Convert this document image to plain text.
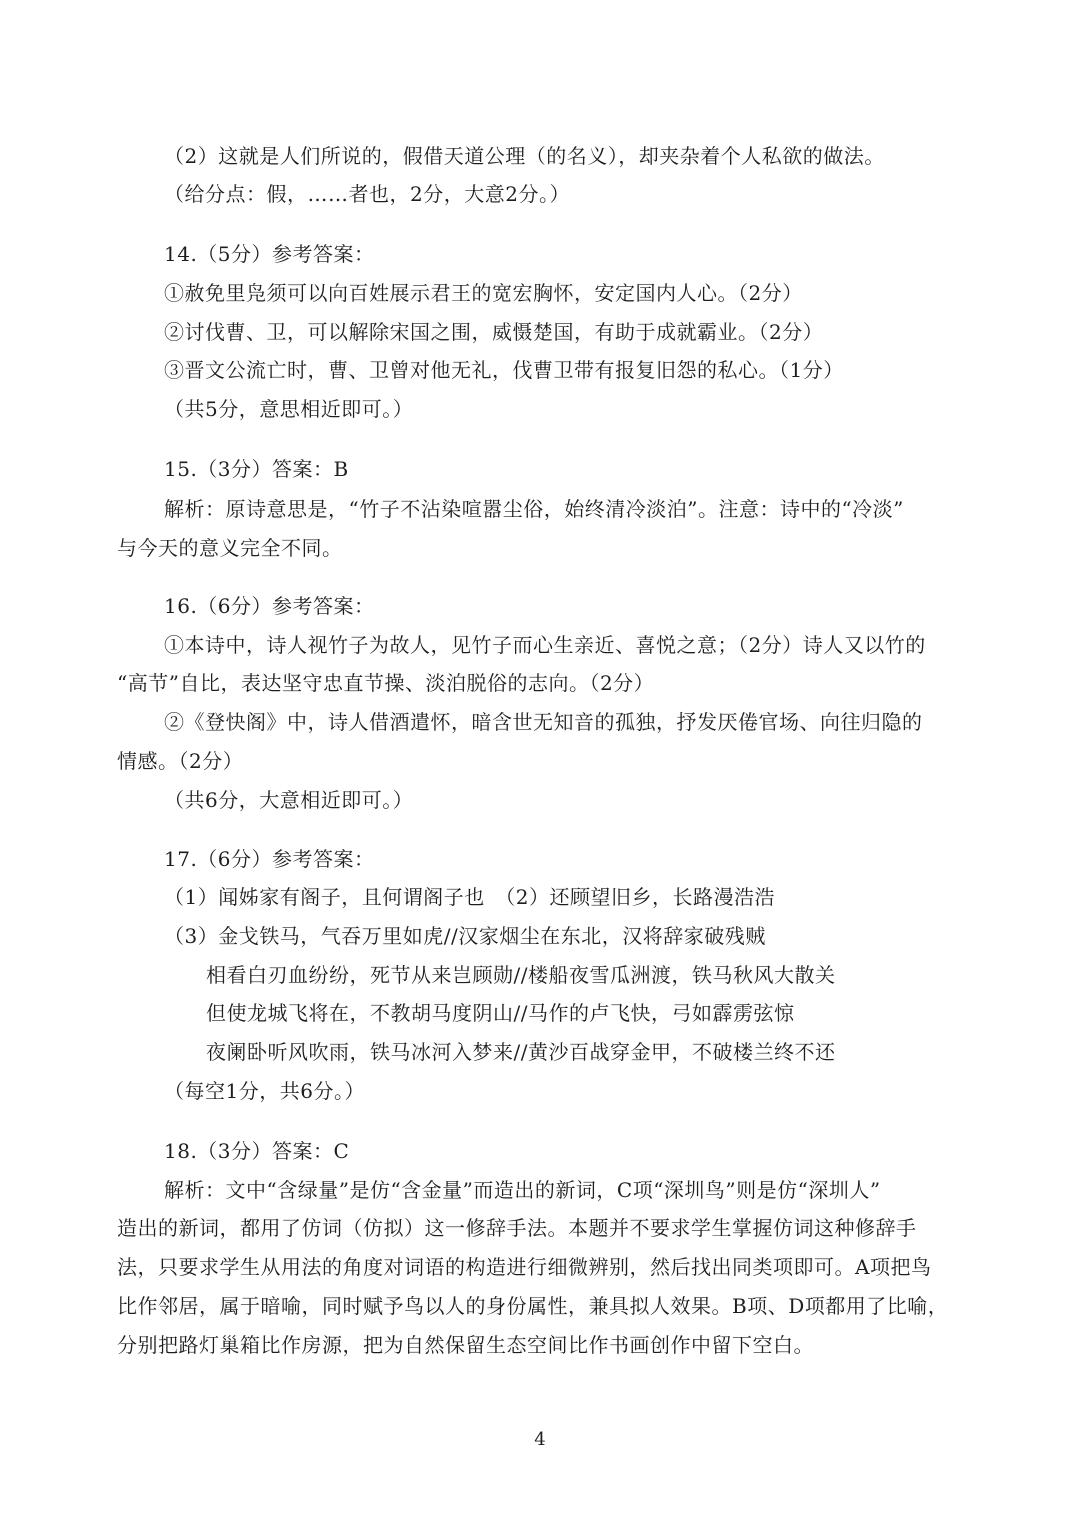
（2）这就是人们所说的，假借天道公理（的名义），却夹杂着个人私欲的做法。
（给分点：假，……者也，2分，大意2分。）
14.（5分）参考答案：
①赦免里凫须可以向百姓展示君王的宽宏胸怀，安定国内人心。（2分）
②讨伐曹、卫，可以解除宋国之围，威慑楚国，有助于成就霸业。（2分）
③晋文公流亡时，曹、卫曾对他无礼，伐曹卫带有报复旧怨的私心。（1分）
（共5分，意思相近即可。）
15.（3分）答案：B
解析：原诗意思是，“竹子不沾染喧嚣尘俗，始终清冷淡泊”。注意：诗中的“冷淡”
与今天的意义完全不同。
16.（6分）参考答案：
①本诗中，诗人视竹子为故人，见竹子而心生亲近、喜悦之意；（2分）诗人又以竹的
“高节”自比，表达坚守忠直节操、淡泊脱俗的志向。（2分）
②《登快阁》中，诗人借酒遣怀，暗含世无知音的孤独，抒发厌倦官场、向往归隐的
情感。（2分）
（共6分，大意相近即可。）
17.（6分）参考答案：
（1）闻姊家有阁子，且何谓阁子也　（2）还顾望旧乡，长路漫浩浩
（3）金戈铁马，气吞万里如虎//汉家烟尘在东北，汉将辞家破残贼
相看白刃血纷纷，死节从来岂顾勋//楼船夜雪瓜洲渡，铁马秋风大散关
但使龙城飞将在，不教胡马度阴山//马作的卢飞快，弓如霹雳弦惊
夜阑卧听风吹雨，铁马冰河入梦来//黄沙百战穿金甲，不破楼兰终不还
（每空1分，共6分。）
18.（3分）答案：C
解析：文中“含绿量”是仿“含金量”而造出的新词，C项“深圳鸟”则是仿“深圳人”
造出的新词，都用了仿词（仿拟）这一修辞手法。本题并不要求学生掌握仿词这种修辞手
法，只要求学生从用法的角度对词语的构造进行细微辨别，然后找出同类项即可。A项把鸟
比作邻居，属于暗喻，同时赋予鸟以人的身份属性，兼具拟人效果。B项、D项都用了比喻，
分别把路灯巢箱比作房源，把为自然保留生态空间比作书画创作中留下空白。
4
